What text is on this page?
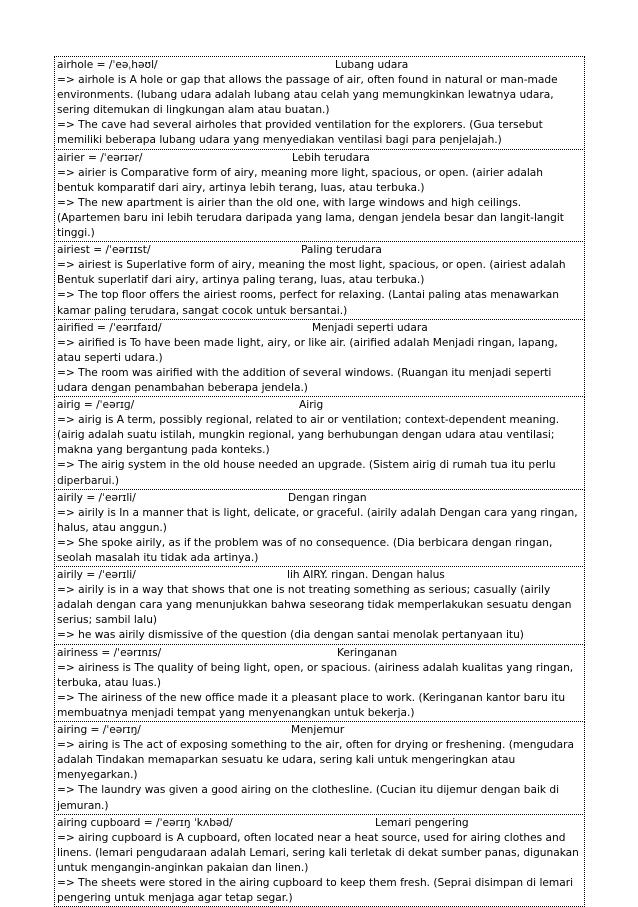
airhole = /ˈeəˌhəʊl/	Lubang udara
=> airhole is A hole or gap that allows the passage of air, often found in natural or man-made environments. (lubang udara adalah lubang atau celah yang memungkinkan lewatnya udara, sering ditemukan di lingkungan alam atau buatan.)
=> The cave had several airholes that provided ventilation for the explorers. (Gua tersebut memiliki beberapa lubang udara yang menyediakan ventilasi bagi para penjelajah.)
airier = /ˈeərɪər/	Lebih terudara
=> airier is Comparative form of airy, meaning more light, spacious, or open. (airier adalah bentuk komparatif dari airy, artinya lebih terang, luas, atau terbuka.)
=> The new apartment is airier than the old one, with large windows and high ceilings. (Apartemen baru ini lebih terudara daripada yang lama, dengan jendela besar dan langit-langit tinggi.)
airiest = /ˈeərɪɪst/	Paling terudara
=> airiest is Superlative form of airy, meaning the most light, spacious, or open. (airiest adalah Bentuk superlatif dari airy, artinya paling terang, luas, atau terbuka.)
=> The top floor offers the airiest rooms, perfect for relaxing. (Lantai paling atas menawarkan kamar paling terudara, sangat cocok untuk bersantai.)
airified = /ˈeərɪfaɪd/	Menjadi seperti udara
=> airified is To have been made light, airy, or like air. (airified adalah Menjadi ringan, lapang, atau seperti udara.)
=> The room was airified with the addition of several windows. (Ruangan itu menjadi seperti udara dengan penambahan beberapa jendela.)
airig = /ˈeərɪɡ/	Airig
=> airig is A term, possibly regional, related to air or ventilation; context-dependent meaning. (airig adalah suatu istilah, mungkin regional, yang berhubungan dengan udara atau ventilasi; makna yang bergantung pada konteks.)
=> The airig system in the old house needed an upgrade. (Sistem airig di rumah tua itu perlu diperbarui.)
airily = /ˈeərɪli/	Dengan ringan
=> airily is In a manner that is light, delicate, or graceful. (airily adalah Dengan cara yang ringan, halus, atau anggun.)
=> She spoke airily, as if the problem was of no consequence. (Dia berbicara dengan ringan, seolah masalah itu tidak ada artinya.)
airily = /ˈeərɪli/	lih AIRY. ringan. Dengan halus
=> airily is in a way that shows that one is not treating something as serious; casually (airily adalah dengan cara yang menunjukkan bahwa seseorang tidak memperlakukan sesuatu dengan serius; sambil lalu)
=> he was airily dismissive of the question (dia dengan santai menolak pertanyaan itu)
airiness = /ˈeərɪnɪs/	Keringanan
=> airiness is The quality of being light, open, or spacious. (airiness adalah kualitas yang ringan, terbuka, atau luas.)
=> The airiness of the new office made it a pleasant place to work. (Keringanan kantor baru itu membuatnya menjadi tempat yang menyenangkan untuk bekerja.)
airing = /ˈeərɪŋ/	Menjemur
=> airing is The act of exposing something to the air, often for drying or freshening. (mengudara adalah Tindakan memaparkan sesuatu ke udara, sering kali untuk mengeringkan atau menyegarkan.)
=> The laundry was given a good airing on the clothesline. (Cucian itu dijemur dengan baik di jemuran.)
airing cupboard = /ˈeərɪŋ ˈkʌbəd/	Lemari pengering
=> airing cupboard is A cupboard, often located near a heat source, used for airing clothes and linens. (lemari pengudaraan adalah Lemari, sering kali terletak di dekat sumber panas, digunakan untuk mengangin-anginkan pakaian dan linen.)
=> The sheets were stored in the airing cupboard to keep them fresh. (Seprai disimpan di lemari pengering untuk menjaga agar tetap segar.)
